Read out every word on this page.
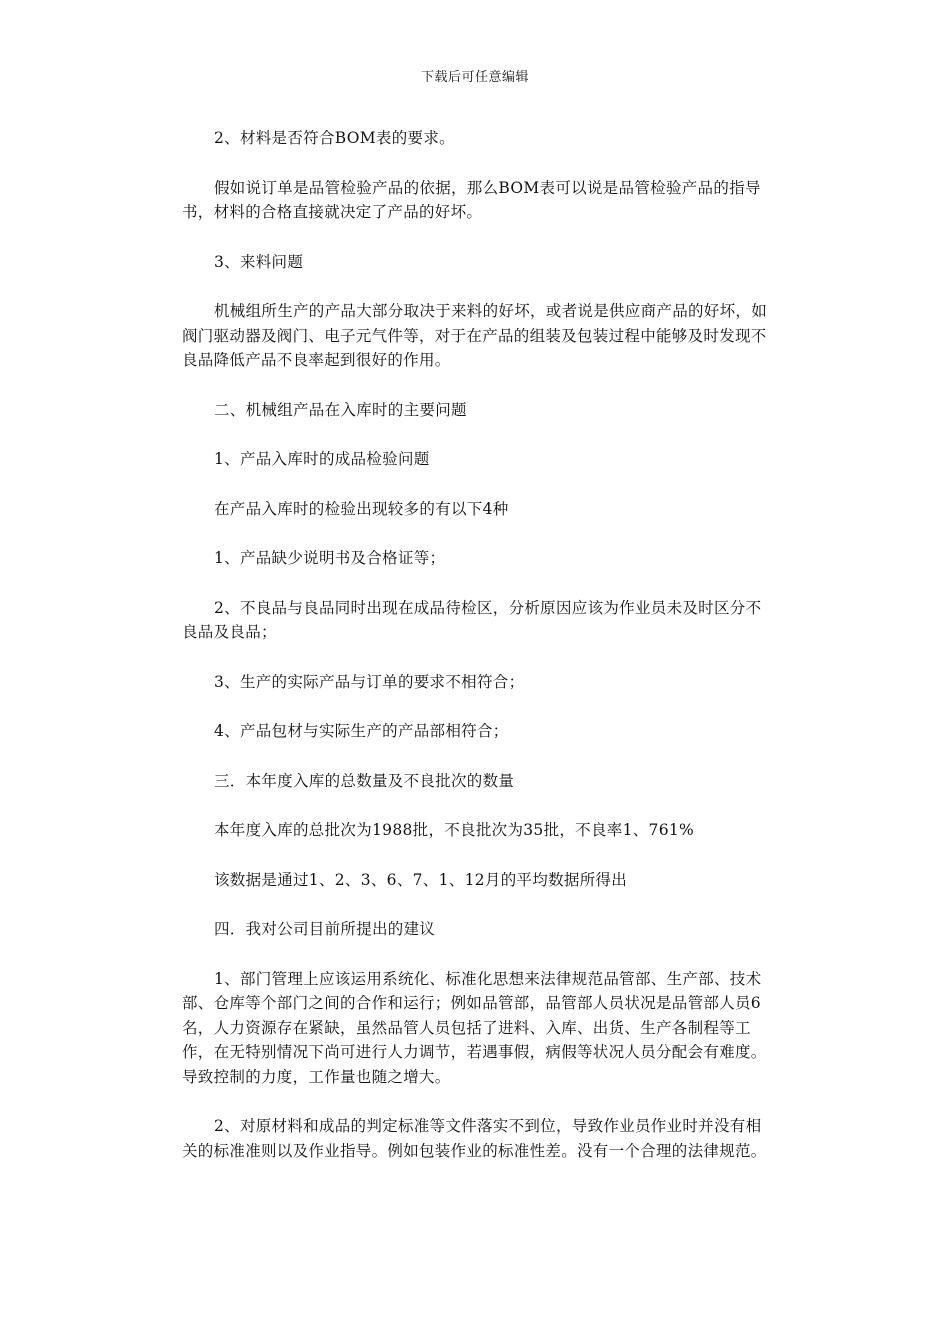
下载后可任意编辑

2、材料是否符合BOM表的要求。

假如说订单是品管检验产品的依据，那么BOM表可以说是品管检验产品的指导书，材料的合格直接就决定了产品的好坏。

3、来料问题

机械组所生产的产品大部分取决于来料的好坏，或者说是供应商产品的好坏，如阀门驱动器及阀门、电子元气件等，对于在产品的组装及包装过程中能够及时发现不良品降低产品不良率起到很好的作用。

二、机械组产品在入库时的主要问题

1、产品入库时的成品检验问题

在产品入库时的检验出现较多的有以下4种

1、产品缺少说明书及合格证等；

2、不良品与良品同时出现在成品待检区，分析原因应该为作业员未及时区分不良品及良品；

3、生产的实际产品与订单的要求不相符合；

4、产品包材与实际生产的产品部相符合；

三．本年度入库的总数量及不良批次的数量

本年度入库的总批次为1988批，不良批次为35批，不良率1、761%

该数据是通过1、2、3、6、7、1、12月的平均数据所得出

四．我对公司目前所提出的建议

1、部门管理上应该运用系统化、标准化思想来法律规范品管部、生产部、技术部、仓库等个部门之间的合作和运行；例如品管部，品管部人员状况是品管部人员6名，人力资源存在紧缺，虽然品管人员包括了进料、入库、出货、生产各制程等工作，在无特别情况下尚可进行人力调节，若遇事假，病假等状况人员分配会有难度。导致控制的力度，工作量也随之增大。

2、对原材料和成品的判定标准等文件落实不到位，导致作业员作业时并没有相关的标准准则以及作业指导。例如包装作业的标准性差。没有一个合理的法律规范。
